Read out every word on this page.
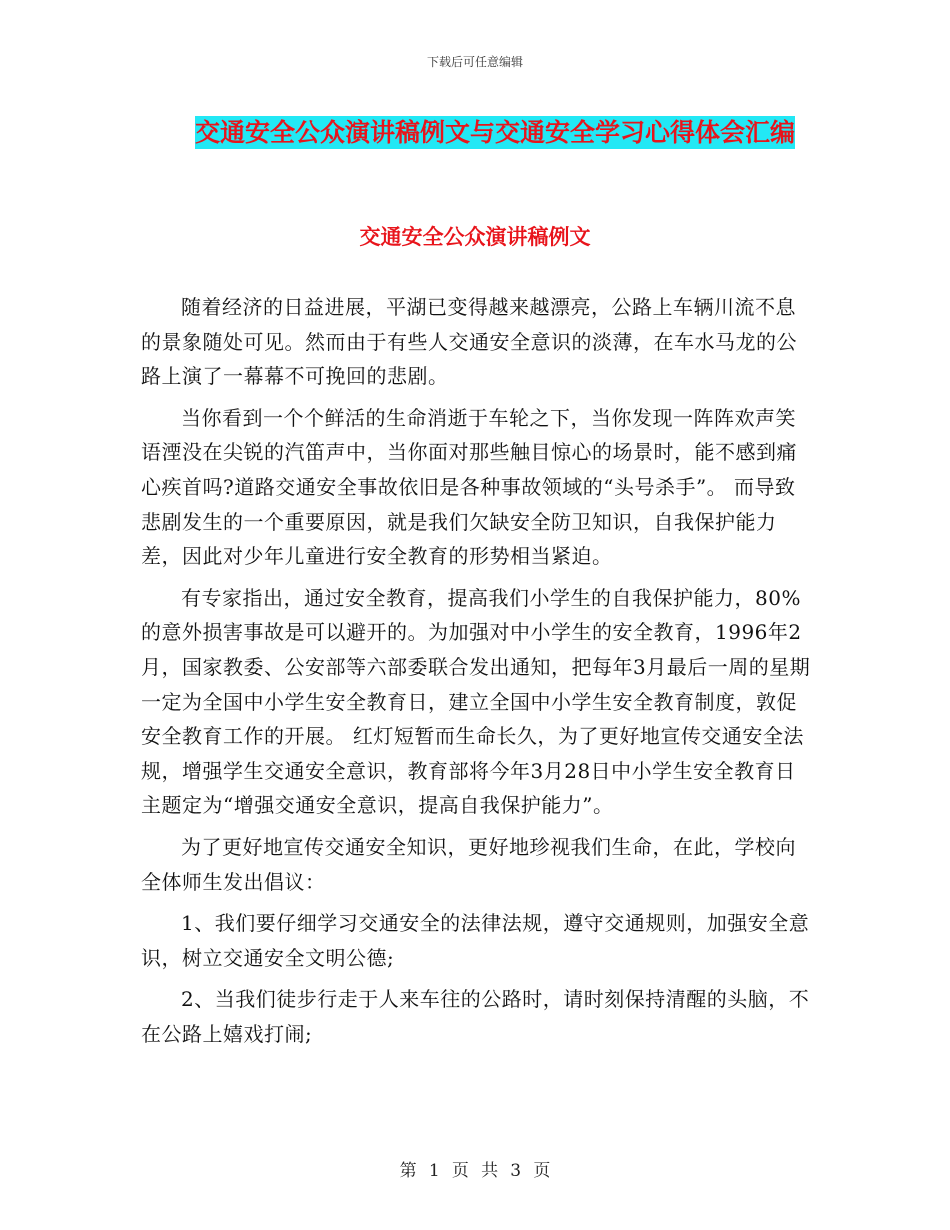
下载后可任意编辑
交通安全公众演讲稿例文与交通安全学习心得体会汇编
交通安全公众演讲稿例文

随着经济的日益进展，平湖已变得越来越漂亮，公路上车辆川流不息的景象随处可见。然而由于有些人交通安全意识的淡薄，在车水马龙的公路上演了一幕幕不可挽回的悲剧。

当你看到一个个鲜活的生命消逝于车轮之下，当你发现一阵阵欢声笑语湮没在尖锐的汽笛声中，当你面对那些触目惊心的场景时，能不感到痛心疾首吗?道路交通安全事故依旧是各种事故领域的“头号杀手”。 而导致悲剧发生的一个重要原因，就是我们欠缺安全防卫知识，自我保护能力差，因此对少年儿童进行安全教育的形势相当紧迫。

有专家指出，通过安全教育，提高我们小学生的自我保护能力，80%的意外损害事故是可以避开的。为加强对中小学生的安全教育，1996年2月，国家教委、公安部等六部委联合发出通知，把每年3月最后一周的星期一定为全国中小学生安全教育日，建立全国中小学生安全教育制度，敦促安全教育工作的开展。 红灯短暂而生命长久，为了更好地宣传交通安全法规，增强学生交通安全意识，教育部将今年3月28日中小学生安全教育日主题定为“增强交通安全意识，提高自我保护能力”。

为了更好地宣传交通安全知识，更好地珍视我们生命，在此，学校向全体师生发出倡议：

1、我们要仔细学习交通安全的法律法规，遵守交通规则，加强安全意识，树立交通安全文明公德;

2、当我们徒步行走于人来车往的公路时，请时刻保持清醒的头脑，不在公路上嬉戏打闹;

第 1 页 共 3 页
